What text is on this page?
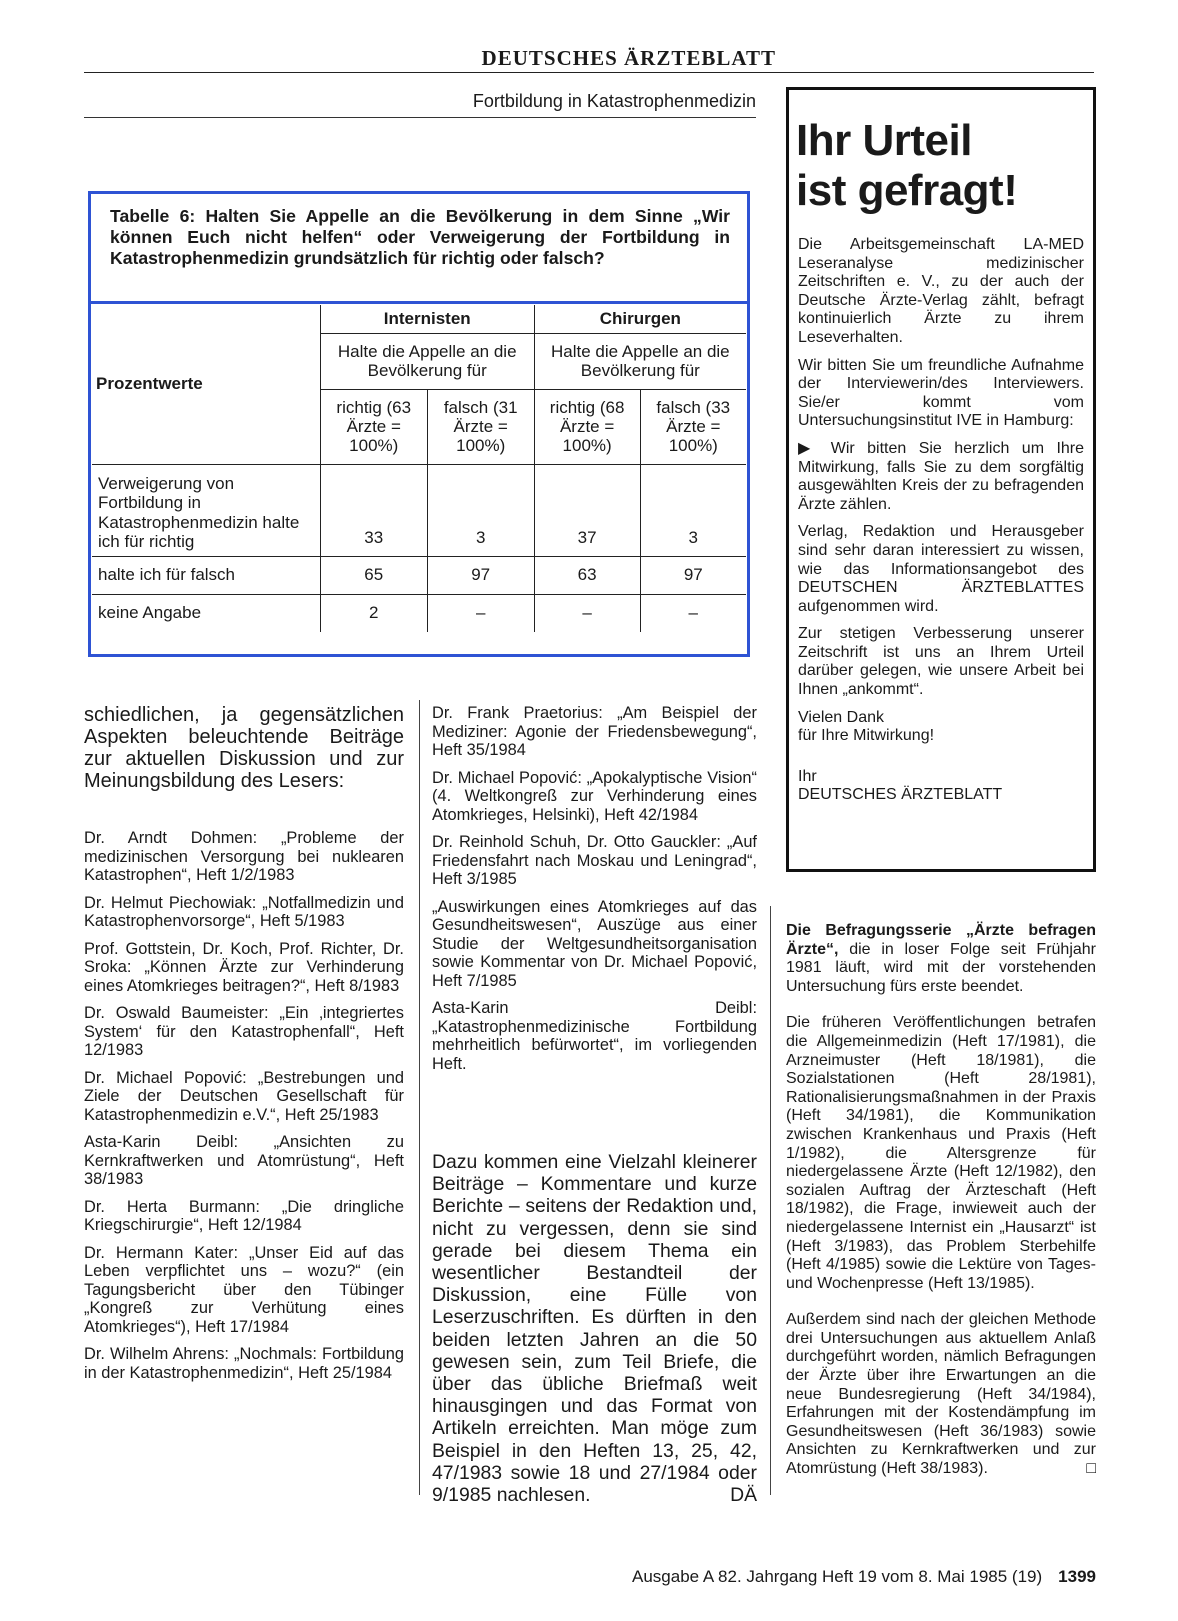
DEUTSCHES ÄRZTEBLATT
Fortbildung in Katastrophenmedizin
Tabelle 6: Halten Sie Appelle an die Bevölkerung in dem Sinne „Wir können Euch nicht helfen“ oder Verweigerung der Fortbildung in Katastrophenmedizin grundsätzlich für richtig oder falsch?
Prozentwerte	Internisten		Chirurgen	
	Halte die Appelle an die Bevölkerung für		Halte die Appelle an die Bevölkerung für	
	richtig (63 Ärzte = 100%)	falsch (31 Ärzte = 100%)	richtig (68 Ärzte = 100%)	falsch (33 Ärzte = 100%)
Verweigerung von Fortbildung in Katastrophenmedizin halte ich für richtig	33	3	37	3
halte ich für falsch	65	97	63	97
keine Angabe	2	–	–	–
Ihr Urteil
ist gefragt!

Die Arbeitsgemeinschaft LA-MED Leseranalyse medizinischer Zeitschriften e. V., zu der auch der Deutsche Ärzte-Verlag zählt, befragt kontinuierlich Ärzte zu ihrem Leseverhalten.

Wir bitten Sie um freundliche Aufnahme der Interviewerin/des Interviewers. Sie/er kommt vom Untersuchungsinstitut IVE in Hamburg:

▶ Wir bitten Sie herzlich um Ihre Mitwirkung, falls Sie zu dem sorgfältig ausgewählten Kreis der zu befragenden Ärzte zählen.

Verlag, Redaktion und Herausgeber sind sehr daran interessiert zu wissen, wie das Informationsangebot des DEUTSCHEN ÄRZTEBLATTES aufgenommen wird.

Zur stetigen Verbesserung unserer Zeitschrift ist uns an Ihrem Urteil darüber gelegen, wie unsere Arbeit bei Ihnen „ankommt“.

Vielen Dank
für Ihre Mitwirkung!

Ihr
DEUTSCHES ÄRZTEBLATT

schiedlichen, ja gegensätzlichen Aspekten beleuchtende Beiträge zur aktuellen Diskussion und zur Meinungsbildung des Lesers:

Dr. Arndt Dohmen: „Probleme der medizinischen Versorgung bei nuklearen Katastrophen“, Heft 1/2/1983

Dr. Helmut Piechowiak: „Notfallmedizin und Katastrophenvorsorge“, Heft 5/1983

Prof. Gottstein, Dr. Koch, Prof. Richter, Dr. Sroka: „Können Ärzte zur Verhinderung eines Atomkrieges beitragen?“, Heft 8/1983

Dr. Oswald Baumeister: „Ein ‚integriertes System‘ für den Katastrophenfall“, Heft 12/1983

Dr. Michael Popović: „Bestrebungen und Ziele der Deutschen Gesellschaft für Katastrophenmedizin e.V.“, Heft 25/1983

Asta-Karin Deibl: „Ansichten zu Kernkraftwerken und Atomrüstung“, Heft 38/1983

Dr. Herta Burmann: „Die dringliche Kriegschirurgie“, Heft 12/1984

Dr. Hermann Kater: „Unser Eid auf das Leben verpflichtet uns – wozu?“ (ein Tagungsbericht über den Tübinger „Kongreß zur Verhütung eines Atomkrieges“), Heft 17/1984

Dr. Wilhelm Ahrens: „Nochmals: Fortbildung in der Katastrophenmedizin“, Heft 25/1984

Dr. Frank Praetorius: „Am Beispiel der Mediziner: Agonie der Friedensbewegung“, Heft 35/1984

Dr. Michael Popović: „Apokalyptische Vision“ (4. Weltkongreß zur Verhinderung eines Atomkrieges, Helsinki), Heft 42/1984

Dr. Reinhold Schuh, Dr. Otto Gauckler: „Auf Friedensfahrt nach Moskau und Leningrad“, Heft 3/1985

„Auswirkungen eines Atomkrieges auf das Gesundheitswesen“, Auszüge aus einer Studie der Weltgesundheitsorganisation sowie Kommentar von Dr. Michael Popović, Heft 7/1985

Asta-Karin Deibl: „Katastrophenmedizinische Fortbildung mehrheitlich befürwortet“, im vorliegenden Heft.

Dazu kommen eine Vielzahl kleinerer Beiträge – Kommentare und kurze Berichte – seitens der Redaktion und, nicht zu vergessen, denn sie sind gerade bei diesem Thema ein wesentlicher Bestandteil der Diskussion, eine Fülle von Leserzuschriften. Es dürften in den beiden letzten Jahren an die 50 gewesen sein, zum Teil Briefe, die über das übliche Briefmaß weit hinausgingen und das Format von Artikeln erreichten. Man möge zum Beispiel in den Heften 13, 25, 42, 47/1983 sowie 18 und 27/1984 oder 9/1985 nachlesen.	DÄ

Die Befragungsserie „Ärzte befragen Ärzte“, die in loser Folge seit Frühjahr 1981 läuft, wird mit der vorstehenden Untersuchung fürs erste beendet.

Die früheren Veröffentlichungen betrafen die Allgemeinmedizin (Heft 17/1981), die Arzneimuster (Heft 18/1981), die Sozialstationen (Heft 28/1981), Rationalisierungsmaßnahmen in der Praxis (Heft 34/1981), die Kommunikation zwischen Krankenhaus und Praxis (Heft 1/1982), die Altersgrenze für niedergelassene Ärzte (Heft 12/1982), den sozialen Auftrag der Ärzteschaft (Heft 18/1982), die Frage, inwieweit auch der niedergelassene Internist ein „Hausarzt“ ist (Heft 3/1983), das Problem Sterbehilfe (Heft 4/1985) sowie die Lektüre von Tages- und Wochenpresse (Heft 13/1985).

Außerdem sind nach der gleichen Methode drei Untersuchungen aus aktuellem Anlaß durchgeführt worden, nämlich Befragungen der Ärzte über ihre Erwartungen an die neue Bundesregierung (Heft 34/1984), Erfahrungen mit der Kostendämpfung im Gesundheitswesen (Heft 36/1983) sowie Ansichten zu Kernkraftwerken und zur Atomrüstung (Heft 38/1983).	□

Ausgabe A 82. Jahrgang Heft 19 vom 8. Mai 1985 (19) 1399
